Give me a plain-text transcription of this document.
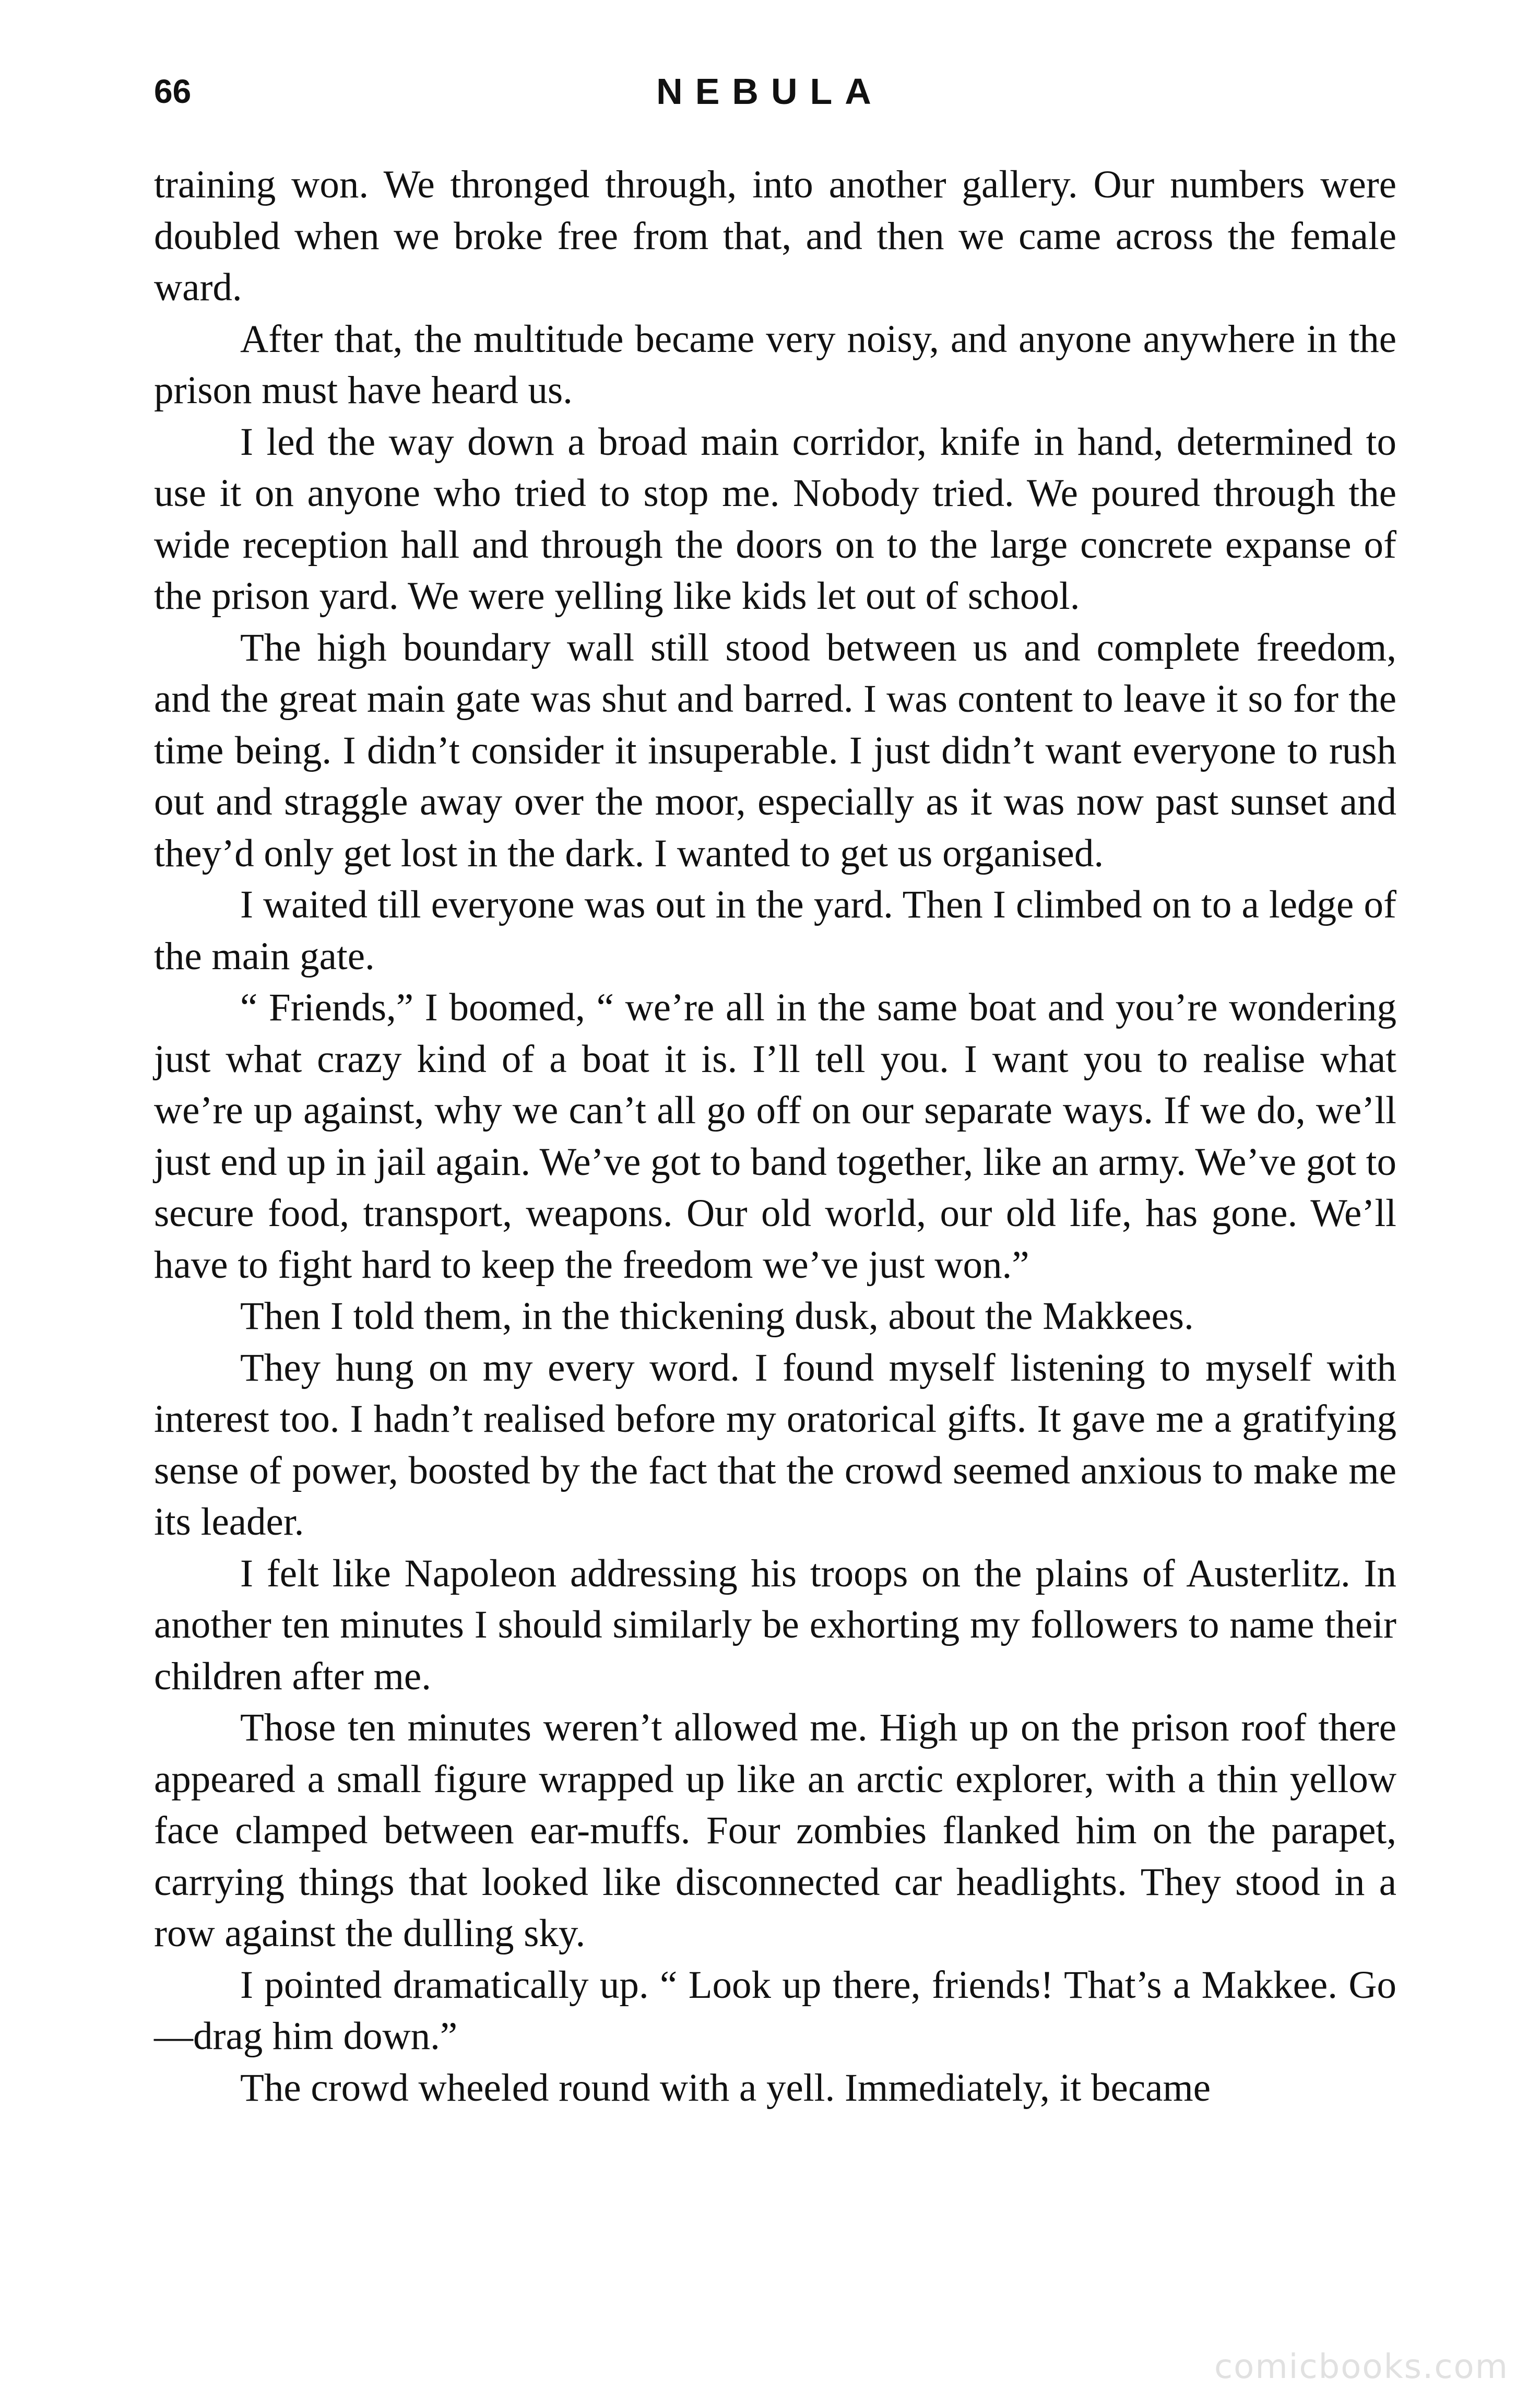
66	NEBULA

training won. We thronged through, into another gallery. Our numbers were doubled when we broke free from that, and then we came across the female ward.

After that, the multitude became very noisy, and anyone anywhere in the prison must have heard us.

I led the way down a broad main corridor, knife in hand, determined to use it on anyone who tried to stop me. Nobody tried. We poured through the wide reception hall and through the doors on to the large concrete expanse of the prison yard. We were yelling like kids let out of school.

The high boundary wall still stood between us and complete freedom, and the great main gate was shut and barred. I was content to leave it so for the time being. I didn’t consider it insuperable. I just didn’t want everyone to rush out and straggle away over the moor, especially as it was now past sunset and they’d only get lost in the dark. I wanted to get us organised.

I waited till everyone was out in the yard. Then I climbed on to a ledge of the main gate.

“ Friends,” I boomed, “ we’re all in the same boat and you’re wondering just what crazy kind of a boat it is. I’ll tell you. I want you to realise what we’re up against, why we can’t all go off on our separate ways. If we do, we’ll just end up in jail again. We’ve got to band together, like an army. We’ve got to secure food, transport, weapons. Our old world, our old life, has gone. We’ll have to fight hard to keep the freedom we’ve just won.”

Then I told them, in the thickening dusk, about the Makkees.

They hung on my every word. I found myself listening to myself with interest too. I hadn’t realised before my oratorical gifts. It gave me a gratifying sense of power, boosted by the fact that the crowd seemed anxious to make me its leader.

I felt like Napoleon addressing his troops on the plains of Austerlitz. In another ten minutes I should similarly be exhorting my followers to name their children after me.

Those ten minutes weren’t allowed me. High up on the prison roof there appeared a small figure wrapped up like an arctic explorer, with a thin yellow face clamped between ear-muffs. Four zombies flanked him on the parapet, carrying things that looked like disconnected car headlights. They stood in a row against the dulling sky.

I pointed dramatically up. “ Look up there, friends! That’s a Makkee. Go—drag him down.”

The crowd wheeled round with a yell. Immediately, it became

comicbooks.com
